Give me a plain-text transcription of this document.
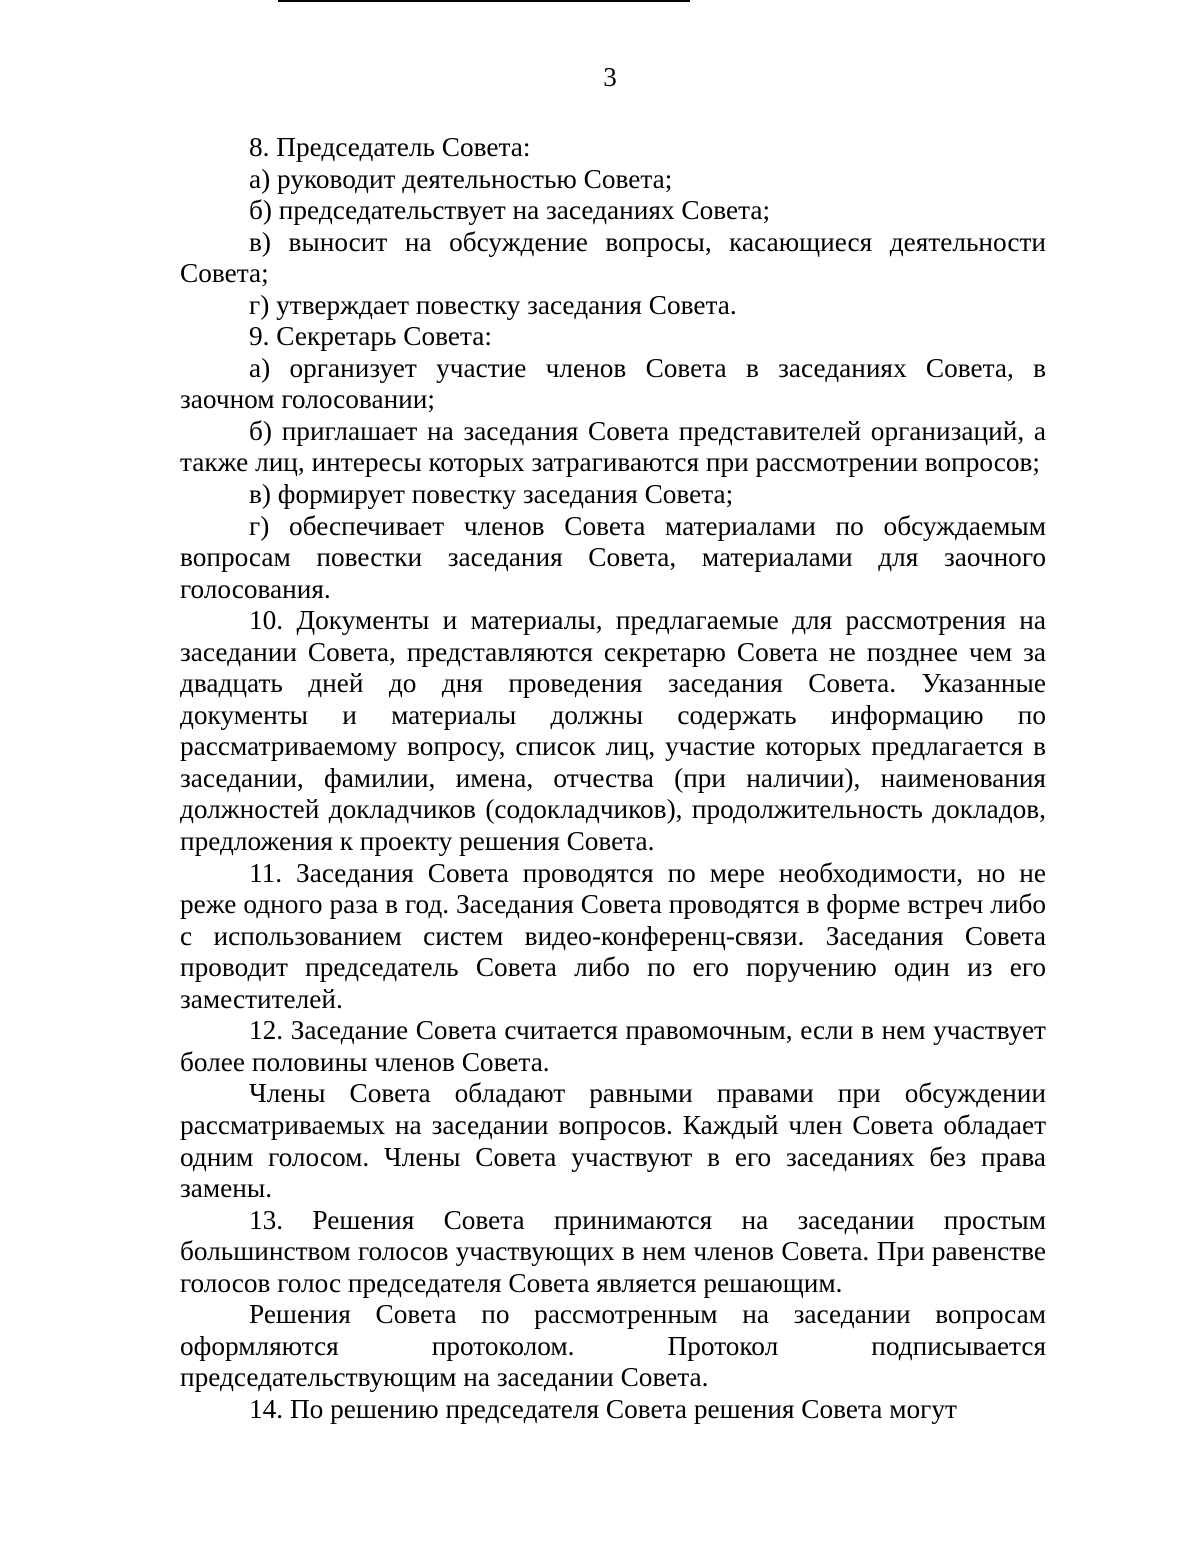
3

8. Председатель Совета:

а) руководит деятельностью Совета;

б) председательствует на заседаниях Совета;

в) выносит на обсуждение вопросы, касающиеся деятельности Совета;

г) утверждает повестку заседания Совета.

9. Секретарь Совета:

а) организует участие членов Совета в заседаниях Совета, в заочном голосовании;

б) приглашает на заседания Совета представителей организаций, а также лиц, интересы которых затрагиваются при рассмотрении вопросов;

в) формирует повестку заседания Совета;

г) обеспечивает членов Совета материалами по обсуждаемым вопросам повестки заседания Совета, материалами для заочного голосования.

10. Документы и материалы, предлагаемые для рассмотрения на заседании Совета, представляются секретарю Совета не позднее чем за двадцать дней до дня проведения заседания Совета. Указанные документы и материалы должны содержать информацию по рассматриваемому вопросу, список лиц, участие которых предлагается в заседании, фамилии, имена, отчества (при наличии), наименования должностей докладчиков (содокладчиков), продолжительность докладов, предложения к проекту решения Совета.

11. Заседания Совета проводятся по мере необходимости, но не реже одного раза в год. Заседания Совета проводятся в форме встреч либо с использованием систем видео-конференц-связи. Заседания Совета проводит председатель Совета либо по его поручению один из его заместителей.

12. Заседание Совета считается правомочным, если в нем участвует более половины членов Совета.

Члены Совета обладают равными правами при обсуждении рассматриваемых на заседании вопросов. Каждый член Совета обладает одним голосом. Члены Совета участвуют в его заседаниях без права замены.

13. Решения Совета принимаются на заседании простым большинством голосов участвующих в нем членов Совета. При равенстве голосов голос председателя Совета является решающим.

Решения Совета по рассмотренным на заседании вопросам оформляются протоколом. Протокол подписывается председательствующим на заседании Совета.

14. По решению председателя Совета решения Совета могут
